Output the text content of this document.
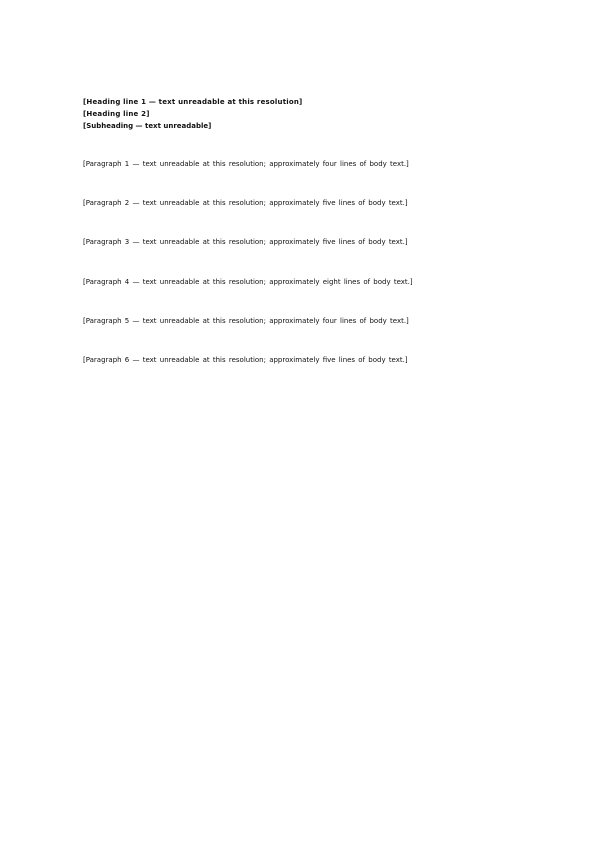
[Heading line 1 — text unreadable at this resolution]

[Heading line 2]

[Subheading — text unreadable]

[Paragraph 1 — text unreadable at this resolution; approximately four lines of body text.]

[Paragraph 2 — text unreadable at this resolution; approximately five lines of body text.]

[Paragraph 3 — text unreadable at this resolution; approximately five lines of body text.]

[Paragraph 4 — text unreadable at this resolution; approximately eight lines of body text.]

[Paragraph 5 — text unreadable at this resolution; approximately four lines of body text.]

[Paragraph 6 — text unreadable at this resolution; approximately five lines of body text.]
